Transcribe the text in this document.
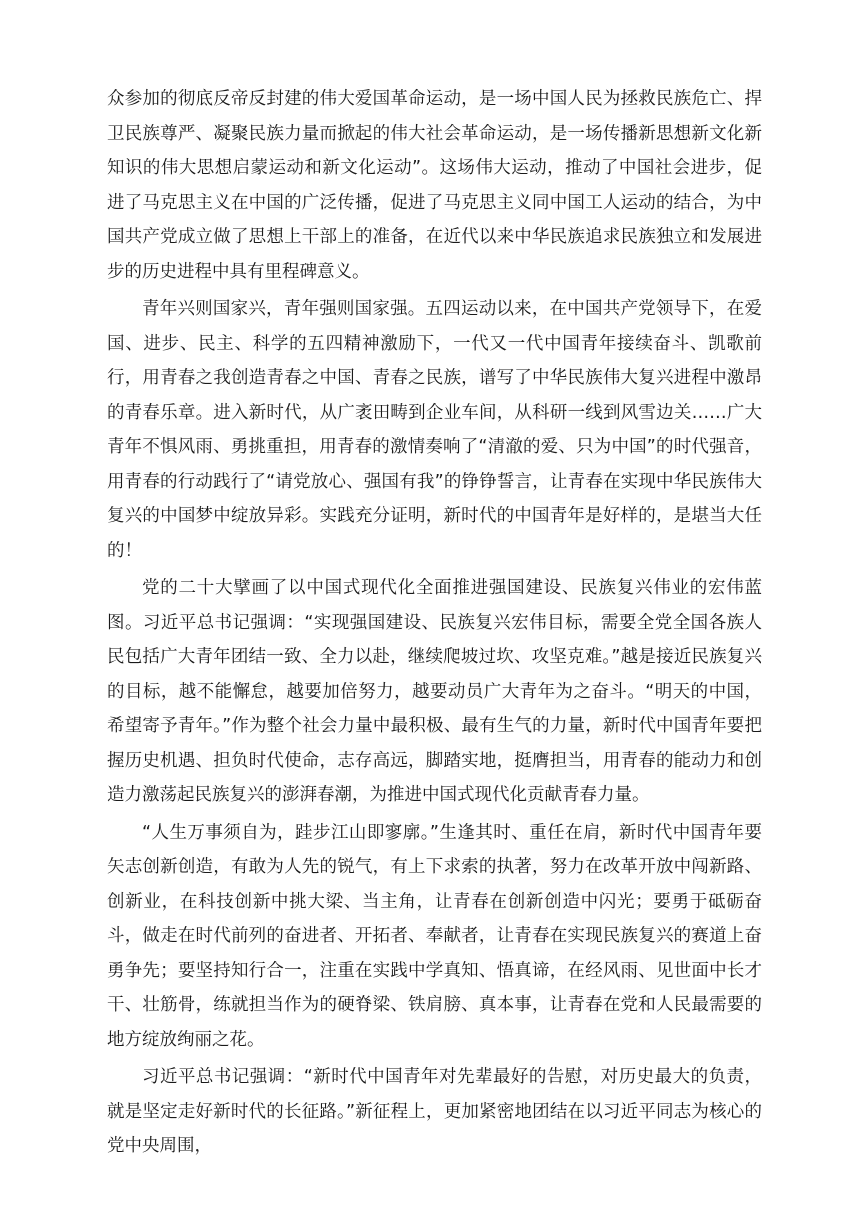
众参加的彻底反帝反封建的伟大爱国革命运动，是一场中国人民为拯救民族危亡、捍卫民族尊严、凝聚民族力量而掀起的伟大社会革命运动，是一场传播新思想新文化新知识的伟大思想启蒙运动和新文化运动”。这场伟大运动，推动了中国社会进步，促进了马克思主义在中国的广泛传播，促进了马克思主义同中国工人运动的结合，为中国共产党成立做了思想上干部上的准备，在近代以来中华民族追求民族独立和发展进步的历史进程中具有里程碑意义。

青年兴则国家兴，青年强则国家强。五四运动以来，在中国共产党领导下，在爱国、进步、民主、科学的五四精神激励下，一代又一代中国青年接续奋斗、凯歌前行，用青春之我创造青春之中国、青春之民族，谱写了中华民族伟大复兴进程中激昂的青春乐章。进入新时代，从广袤田畴到企业车间，从科研一线到风雪边关……广大青年不惧风雨、勇挑重担，用青春的激情奏响了“清澈的爱、只为中国”的时代强音，用青春的行动践行了“请党放心、强国有我”的铮铮誓言，让青春在实现中华民族伟大复兴的中国梦中绽放异彩。实践充分证明，新时代的中国青年是好样的，是堪当大任的！

党的二十大擘画了以中国式现代化全面推进强国建设、民族复兴伟业的宏伟蓝图。习近平总书记强调：“实现强国建设、民族复兴宏伟目标，需要全党全国各族人民包括广大青年团结一致、全力以赴，继续爬坡过坎、攻坚克难。”越是接近民族复兴的目标，越不能懈怠，越要加倍努力，越要动员广大青年为之奋斗。“明天的中国，希望寄予青年。”作为整个社会力量中最积极、最有生气的力量，新时代中国青年要把握历史机遇、担负时代使命，志存高远，脚踏实地，挺膺担当，用青春的能动力和创造力激荡起民族复兴的澎湃春潮，为推进中国式现代化贡献青春力量。

“人生万事须自为，跬步江山即寥廓。”生逢其时、重任在肩，新时代中国青年要矢志创新创造，有敢为人先的锐气，有上下求索的执著，努力在改革开放中闯新路、创新业，在科技创新中挑大梁、当主角，让青春在创新创造中闪光；要勇于砥砺奋斗，做走在时代前列的奋进者、开拓者、奉献者，让青春在实现民族复兴的赛道上奋勇争先；要坚持知行合一，注重在实践中学真知、悟真谛，在经风雨、见世面中长才干、壮筋骨，练就担当作为的硬脊梁、铁肩膀、真本事，让青春在党和人民最需要的地方绽放绚丽之花。

习近平总书记强调：“新时代中国青年对先辈最好的告慰，对历史最大的负责，就是坚定走好新时代的长征路。”新征程上，更加紧密地团结在以习近平同志为核心的党中央周围，
